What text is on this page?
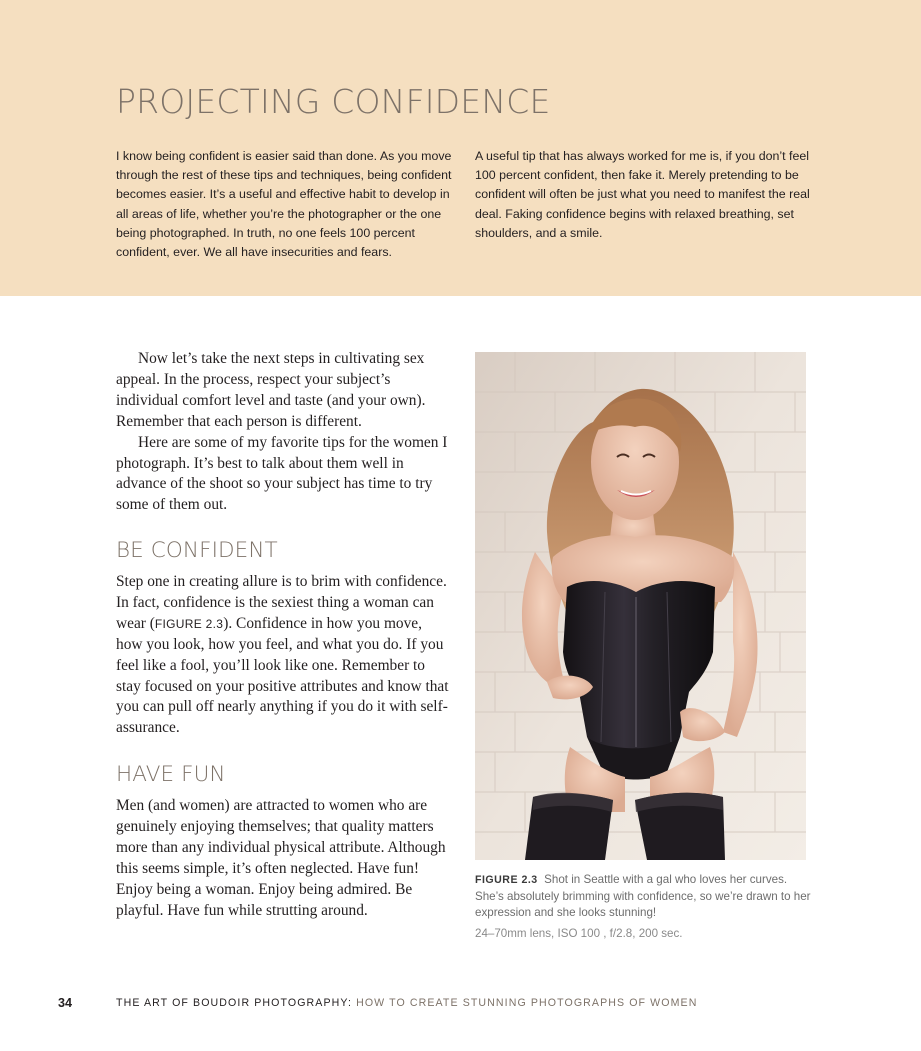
PROJECTING CONFIDENCE

I know being confident is easier said than done. As you move through the rest of these tips and techniques, being confident becomes easier. It’s a useful and effective habit to develop in all areas of life, whether you’re the photographer or the one being photographed. In truth, no one feels 100 percent confident, ever. We all have insecurities and fears.

A useful tip that has always worked for me is, if you don’t feel 100 percent confident, then fake it. Merely pretending to be confident will often be just what you need to manifest the real deal. Faking confidence begins with relaxed breathing, set shoulders, and a smile.

Now let’s take the next steps in cultivating sex appeal. In the process, respect your subject’s individual comfort level and taste (and your own). Remember that each person is different.

Here are some of my favorite tips for the women I photograph. It’s best to talk about them well in advance of the shoot so your subject has time to try some of them out.

BE CONFIDENT

Step one in creating allure is to brim with confidence. In fact, confidence is the sexiest thing a woman can wear (FIGURE 2.3). Confidence in how you move, how you look, how you feel, and what you do. If you feel like a fool, you’ll look like one. Remember to stay focused on your positive attributes and know that you can pull off nearly anything if you do it with self-assurance.

HAVE FUN

Men (and women) are attracted to women who are genuinely enjoying themselves; that quality matters more than any individual physical attribute. Although this seems simple, it’s often neglected. Have fun! Enjoy being a woman. Enjoy being admired. Be playful. Have fun while strutting around.

FIGURE 2.3 Shot in Seattle with a gal who loves her curves. She’s absolutely brimming with confidence, so we’re drawn to her expression and she looks stunning!

24–70mm lens, ISO 100 , f/2.8, 200 sec.

34	THE ART OF BOUDOIR PHOTOGRAPHY: HOW TO CREATE STUNNING PHOTOGRAPHS OF WOMEN
